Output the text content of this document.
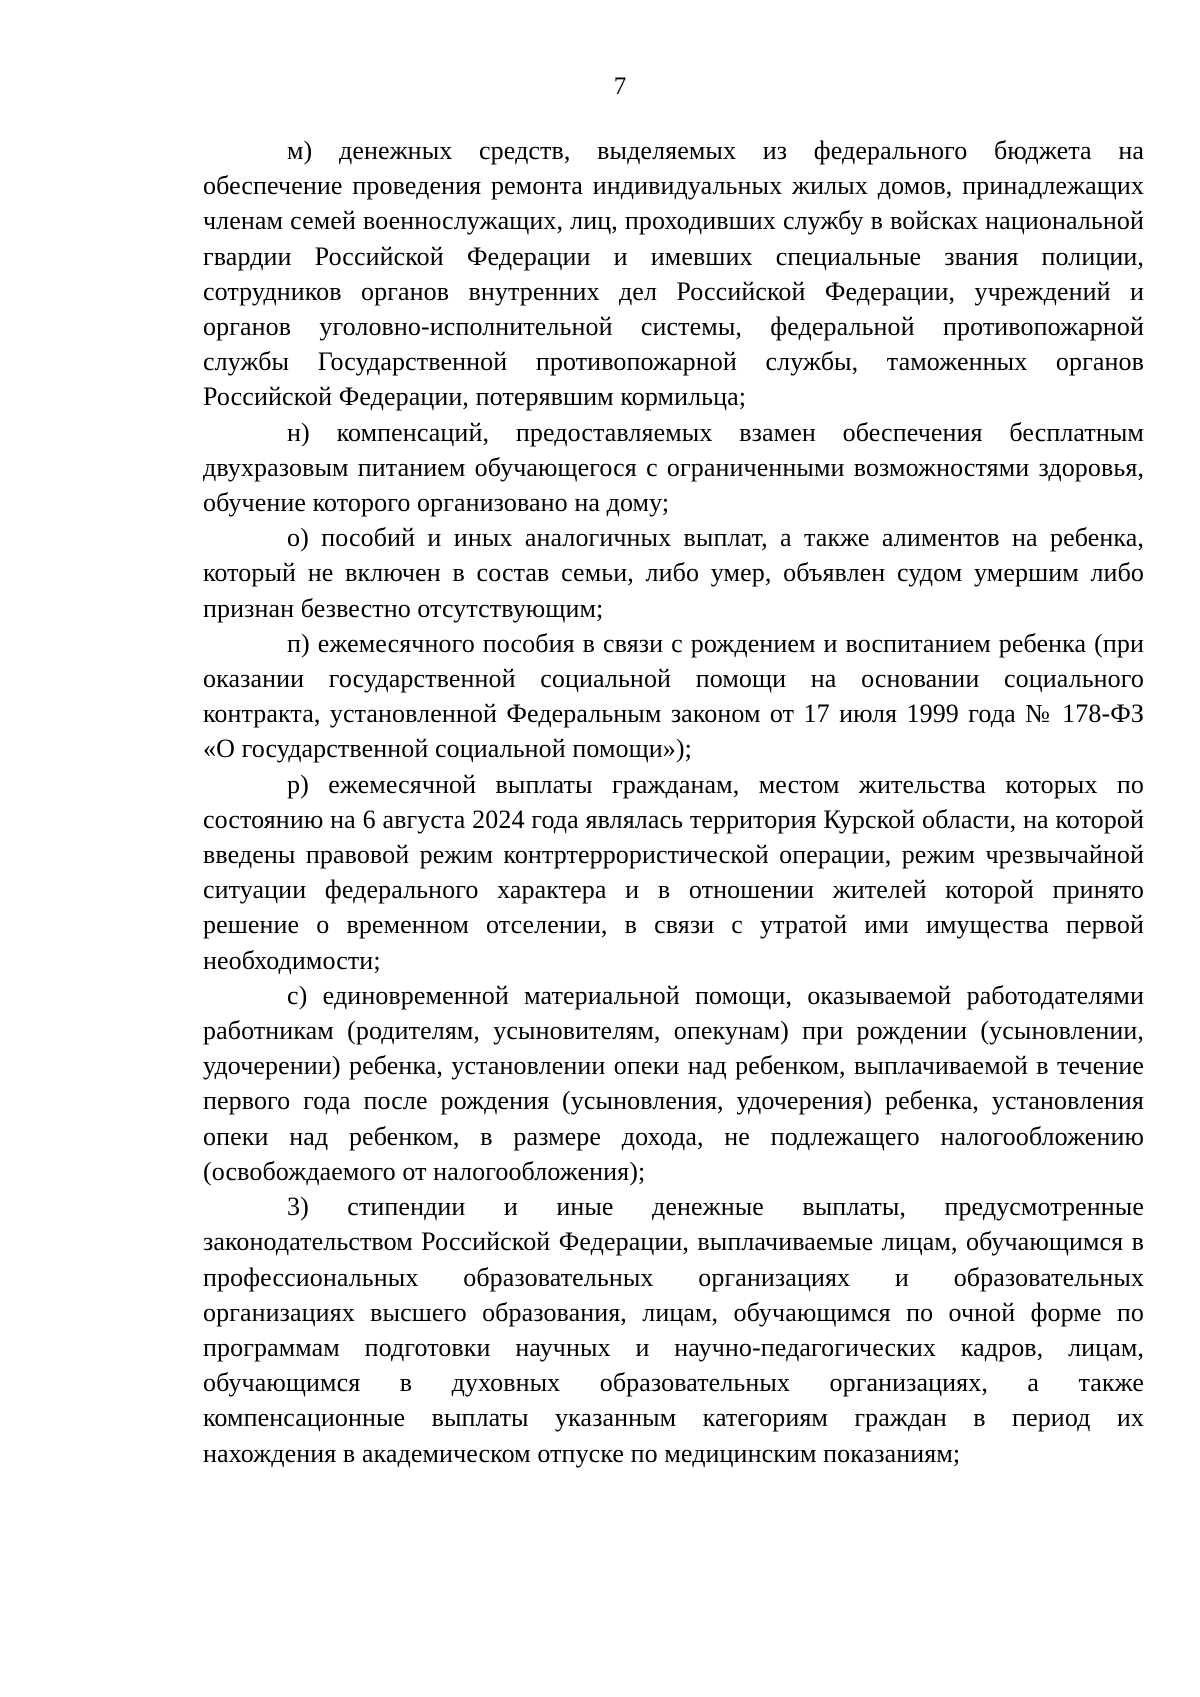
7

м) денежных средств, выделяемых из федерального бюджета на обеспечение проведения ремонта индивидуальных жилых домов, принадлежащих членам семей военнослужащих, лиц, проходивших службу в войсках национальной гвардии Российской Федерации и имевших специальные звания полиции, сотрудников органов внутренних дел Российской Федерации, учреждений и органов уголовно-исполнительной системы, федеральной противопожарной службы Государственной противопожарной службы, таможенных органов Российской Федерации, потерявшим кормильца;

н) компенсаций, предоставляемых взамен обеспечения бесплатным двухразовым питанием обучающегося с ограниченными возможностями здоровья, обучение которого организовано на дому;

о) пособий и иных аналогичных выплат, а также алиментов на ребенка, который не включен в состав семьи, либо умер, объявлен судом умершим либо признан безвестно отсутствующим;

п) ежемесячного пособия в связи с рождением и воспитанием ребенка (при оказании государственной социальной помощи на основании социального контракта, установленной Федеральным законом от 17 июля 1999 года № 178-ФЗ «О государственной социальной помощи»);

р) ежемесячной выплаты гражданам, местом жительства которых по состоянию на 6 августа 2024 года являлась территория Курской области, на которой введены правовой режим контртеррористической операции, режим чрезвычайной ситуации федерального характера и в отношении жителей которой принято решение о временном отселении, в связи с утратой ими имущества первой необходимости;

с) единовременной материальной помощи, оказываемой работодателями работникам (родителям, усыновителям, опекунам) при рождении (усыновлении, удочерении) ребенка, установлении опеки над ребенком, выплачиваемой в течение первого года после рождения (усыновления, удочерения) ребенка, установления опеки над ребенком, в размере дохода, не подлежащего налогообложению (освобождаемого от налогообложения);

3) стипендии и иные денежные выплаты, предусмотренные законодательством Российской Федерации, выплачиваемые лицам, обучающимся в профессиональных образовательных организациях и образовательных организациях высшего образования, лицам, обучающимся по очной форме по программам подготовки научных и научно-педагогических кадров, лицам, обучающимся в духовных образовательных организациях, а также компенсационные выплаты указанным категориям граждан в период их нахождения в академическом отпуске по медицинским показаниям;
